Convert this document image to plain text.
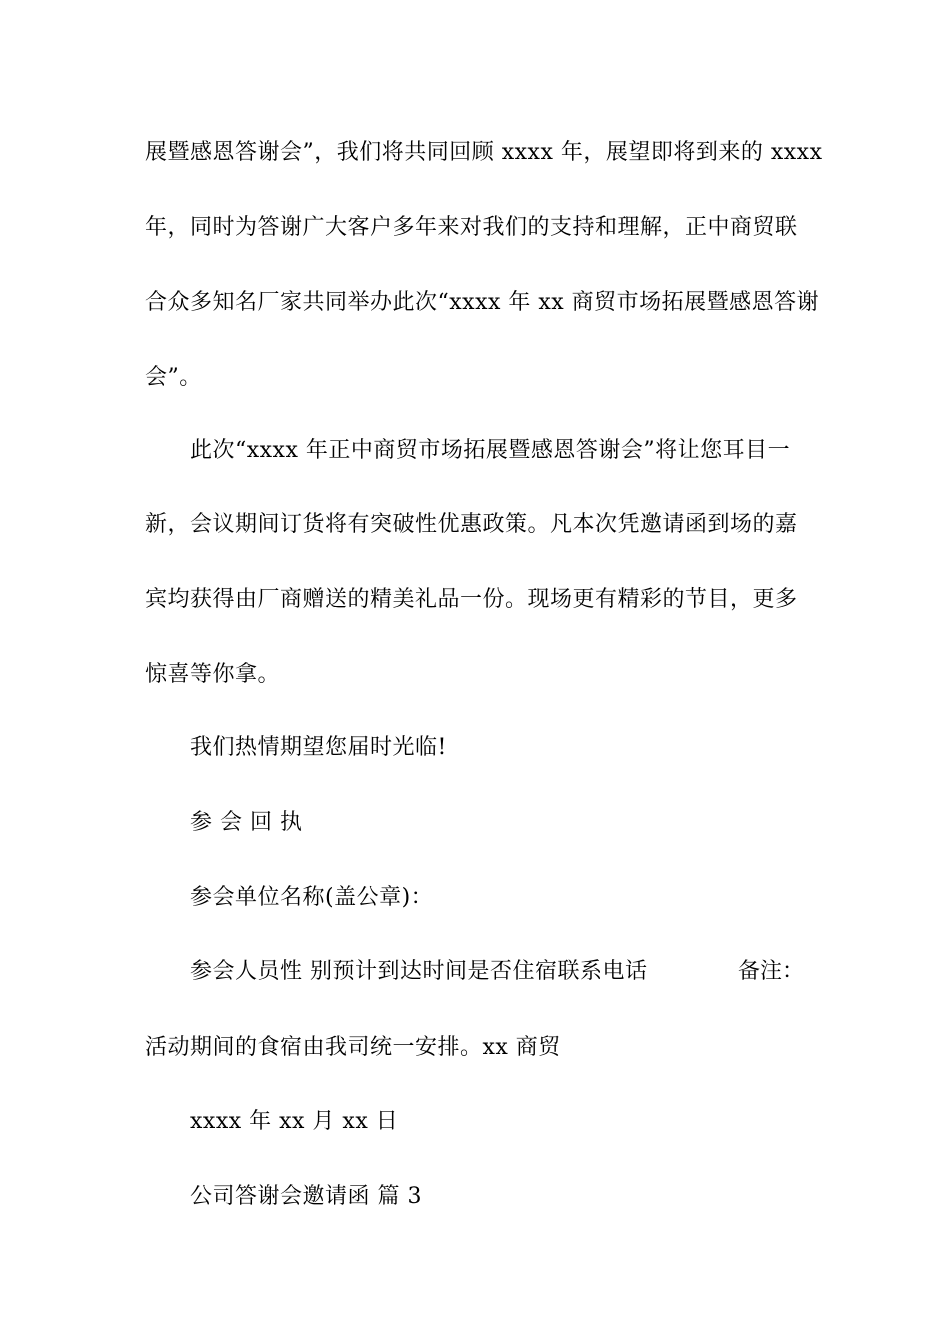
展暨感恩答谢会”，我们将共同回顾 xxxx 年，展望即将到来的 xxxx
年，同时为答谢广大客户多年来对我们的支持和理解，正中商贸联
合众多知名厂家共同举办此次“xxxx 年 xx 商贸市场拓展暨感恩答谢
会”。
此次“xxxx 年正中商贸市场拓展暨感恩答谢会”将让您耳目一
新，会议期间订货将有突破性优惠政策。凡本次凭邀请函到场的嘉
宾均获得由厂商赠送的精美礼品一份。现场更有精彩的节目，更多
惊喜等你拿。
我们热情期望您届时光临!
参 会 回 执
参会单位名称(盖公章)：
参会人员性 别预计到达时间是否住宿联系电话	备注：
活动期间的食宿由我司统一安排。xx 商贸
xxxx 年 xx 月 xx 日
公司答谢会邀请函 篇 3
